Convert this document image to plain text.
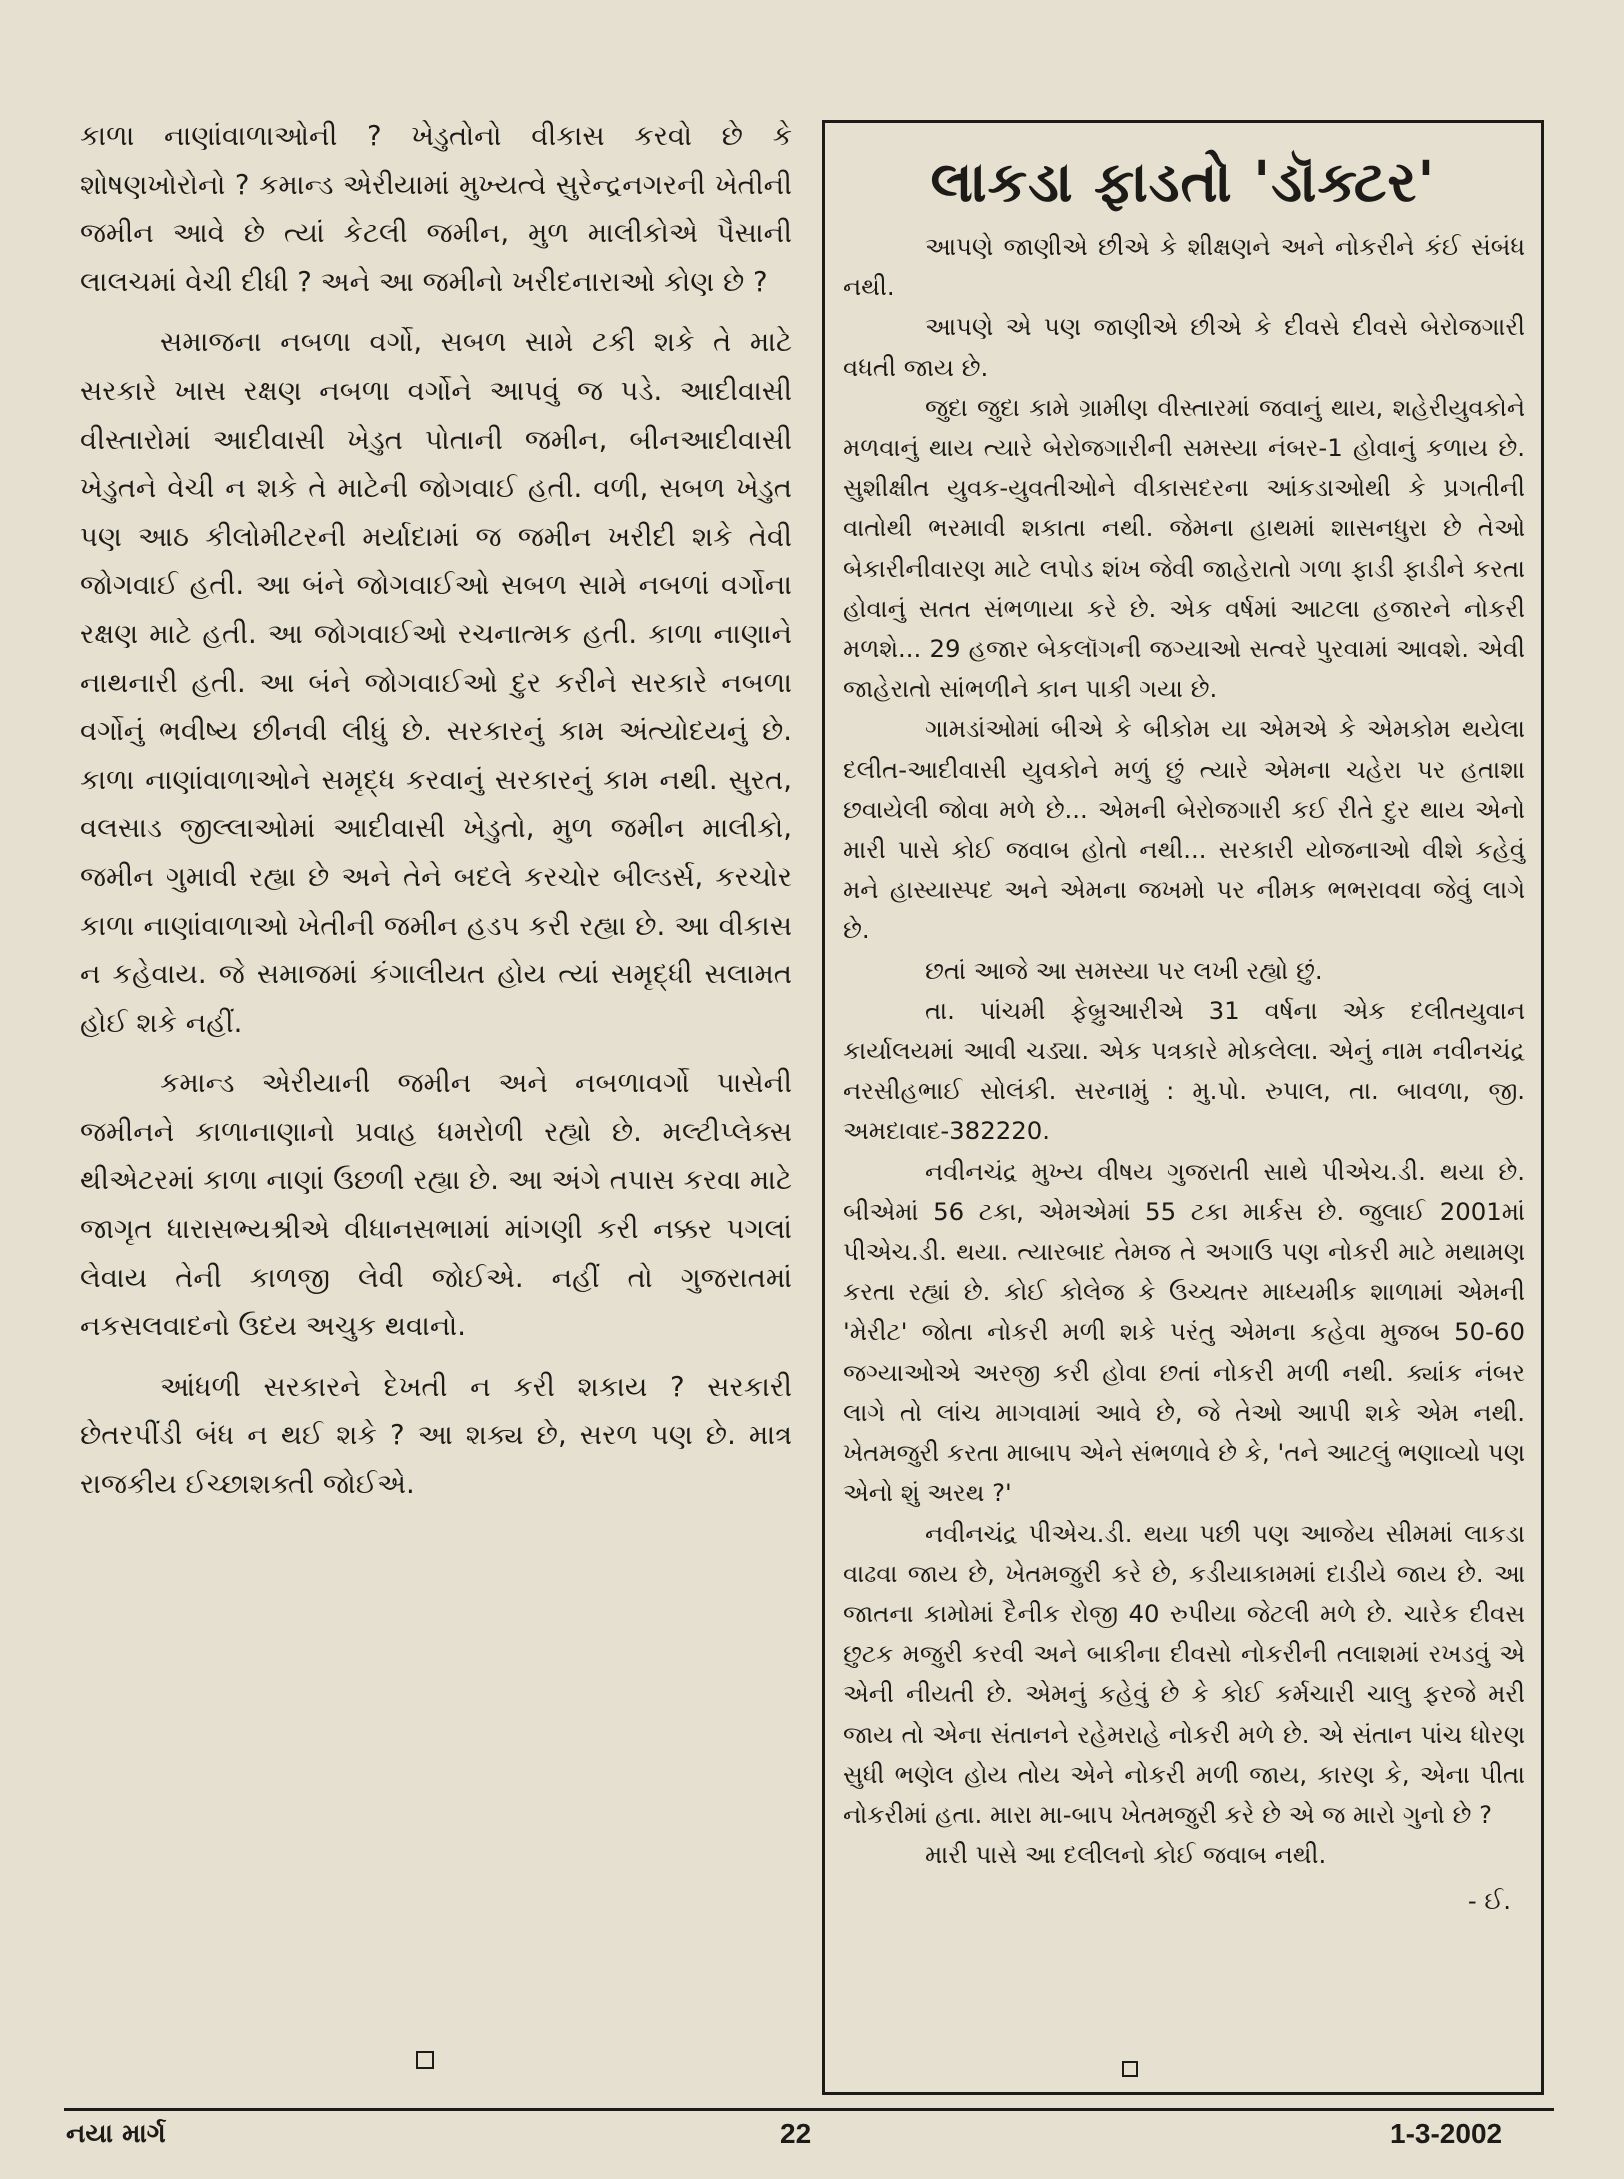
કાળા નાણાંવાળાઓની ? ખેડુતોનો વીકાસ કરવો છે કે શોષણખોરોનો ? કમાન્ડ એરીયામાં મુખ્યત્વે સુરેન્દ્રનગરની ખેતીની જમીન આવે છે ત્યાં કેટલી જમીન, મુળ માલીકોએ પૈસાની લાલચમાં વેચી દીધી ? અને આ જમીનો ખરીદનારાઓ કોણ છે ?

સમાજના નબળા વર્ગો, સબળ સામે ટકી શકે તે માટે સરકારે ખાસ રક્ષણ નબળા વર્ગોને આપવું જ પડે. આદીવાસી વીસ્તારોમાં આદીવાસી ખેડુત પોતાની જમીન, બીનઆદીવાસી ખેડુતને વેચી ન શકે તે માટેની જોગવાઈ હતી. વળી, સબળ ખેડુત પણ આઠ કીલોમીટરની મર્યાદામાં જ જમીન ખરીદી શકે તેવી જોગવાઈ હતી. આ બંને જોગવાઈઓ સબળ સામે નબળાં વર્ગોના રક્ષણ માટે હતી. આ જોગવાઈઓ રચનાત્મક હતી. કાળા નાણાને નાથનારી હતી. આ બંને જોગવાઈઓ દુર કરીને સરકારે નબળા વર્ગોનું ભવીષ્ય છીનવી લીધું છે. સરકારનું કામ અંત્યોદયનું છે. કાળા નાણાંવાળાઓને સમૃદ્ધ કરવાનું સરકારનું કામ નથી. સુરત, વલસાડ જીલ્લાઓમાં આદીવાસી ખેડુતો, મુળ જમીન માલીકો, જમીન ગુમાવી રહ્યા છે અને તેને બદલે કરચોર બીલ્ડર્સ, કરચોર કાળા નાણાંવાળાઓ ખેતીની જમીન હડપ કરી રહ્યા છે. આ વીકાસ ન કહેવાય. જે સમાજમાં કંગાલીયત હોય ત્યાં સમૃદ્ધી સલામત હોઈ શકે નહીં.

કમાન્ડ એરીયાની જમીન અને નબળાવર્ગો પાસેની જમીનને કાળાનાણાનો પ્રવાહ ધમરોળી રહ્યો છે. મલ્ટીપ્લેક્સ થીએટરમાં કાળા નાણાં ઉછળી રહ્યા છે. આ અંગે તપાસ કરવા માટે જાગૃત ધારાસભ્યશ્રીએ વીધાનસભામાં માંગણી કરી નક્કર પગલાં લેવાય તેની કાળજી લેવી જોઈએ. નહીં તો ગુજરાતમાં નકસલવાદનો ઉદય અચુક થવાનો.

આંધળી સરકારને દેખતી ન કરી શકાય ? સરકારી છેતરપીંડી બંધ ન થઈ શકે ? આ શક્ય છે, સરળ પણ છે. માત્ર રાજકીય ઈચ્છાશક્તી જોઈએ.

લાકડા ફાડતો 'ડૉક્ટર'

આપણે જાણીએ છીએ કે શીક્ષણને અને નોકરીને કંઈ સંબંધ નથી.

આપણે એ પણ જાણીએ છીએ કે દીવસે દીવસે બેરોજગારી વધતી જાય છે.

જુદા જુદા કામે ગ્રામીણ વીસ્તારમાં જવાનું થાય, શહેરીયુવકોને મળવાનું થાય ત્યારે બેરોજગારીની સમસ્યા નંબર-1 હોવાનું કળાય છે. સુશીક્ષીત યુવક-યુવતીઓને વીકાસદરના આંકડાઓથી કે પ્રગતીની વાતોથી ભરમાવી શકાતા નથી. જેમના હાથમાં શાસનધુરા છે તેઓ બેકારીનીવારણ માટે લપોડ શંખ જેવી જાહેરાતો ગળા ફાડી ફાડીને કરતા હોવાનું સતત સંભળાયા કરે છે. એક વર્ષમાં આટલા હજારને નોકરી મળશે... 29 હજાર બેકલૉગની જગ્યાઓ સત્વરે પુરવામાં આવશે. એવી જાહેરાતો સાંભળીને કાન પાકી ગયા છે.

ગામડાંઓમાં બીએ કે બીકોમ યા એમએ કે એમકોમ થયેલા દલીત-આદીવાસી યુવકોને મળું છું ત્યારે એમના ચહેરા પર હતાશા છવાયેલી જોવા મળે છે... એમની બેરોજગારી કઈ રીતે દુર થાય એનો મારી પાસે કોઈ જવાબ હોતો નથી... સરકારી યોજનાઓ વીશે કહેવું મને હાસ્યાસ્પદ અને એમના જખમો પર નીમક ભભરાવવા જેવું લાગે છે.

છતાં આજે આ સમસ્યા પર લખી રહ્યો છું.

તા. પાંચમી ફેબ્રુઆરીએ 31 વર્ષના એક દલીતયુવાન કાર્યાલયમાં આવી ચડ્યા. એક પત્રકારે મોકલેલા. એનું નામ નવીનચંદ્ર નરસીહભાઈ સોલંકી. સરનામું : મુ.પો. રુપાલ, તા. બાવળા, જી. અમદાવાદ-382220.

નવીનચંદ્ર મુખ્ય વીષય ગુજરાતી સાથે પીએચ.ડી. થયા છે. બીએમાં 56 ટકા, એમએમાં 55 ટકા માર્કસ છે. જુલાઈ 2001માં પીએચ.ડી. થયા. ત્યારબાદ તેમજ તે અગાઉ પણ નોકરી માટે મથામણ કરતા રહ્યાં છે. કોઈ કોલેજ કે ઉચ્ચતર માધ્યમીક શાળામાં એમની 'મેરીટ' જોતા નોકરી મળી શકે પરંતુ એમના કહેવા મુજબ 50-60 જગ્યાઓએ અરજી કરી હોવા છતાં નોકરી મળી નથી. ક્યાંક નંબર લાગે તો લાંચ માગવામાં આવે છે, જે તેઓ આપી શકે એમ નથી. ખેતમજુરી કરતા માબાપ એને સંભળાવે છે કે, 'તને આટલું ભણાવ્યો પણ એનો શું અરથ ?'

નવીનચંદ્ર પીએચ.ડી. થયા પછી પણ આજેય સીમમાં લાકડા વાઢવા જાય છે, ખેતમજુરી કરે છે, કડીયાકામમાં દાડીયે જાય છે. આ જાતના કામોમાં દૈનીક રોજી 40 રુપીયા જેટલી મળે છે. ચારેક દીવસ છુટક મજુરી કરવી અને બાકીના દીવસો નોકરીની તલાશમાં રખડવું એ એની નીયતી છે. એમનું કહેવું છે કે કોઈ કર્મચારી ચાલુ ફરજે મરી જાય તો એના સંતાનને રહેમરાહે નોકરી મળે છે. એ સંતાન પાંચ ધોરણ સુધી ભણેલ હોય તોય એને નોકરી મળી જાય, કારણ કે, એના પીતા નોકરીમાં હતા. મારા મા-બાપ ખેતમજુરી કરે છે એ જ મારો ગુનો છે ?

મારી પાસે આ દલીલનો કોઈ જવાબ નથી.

- ઈ.

નયા માર્ગ	22	1-3-2002
